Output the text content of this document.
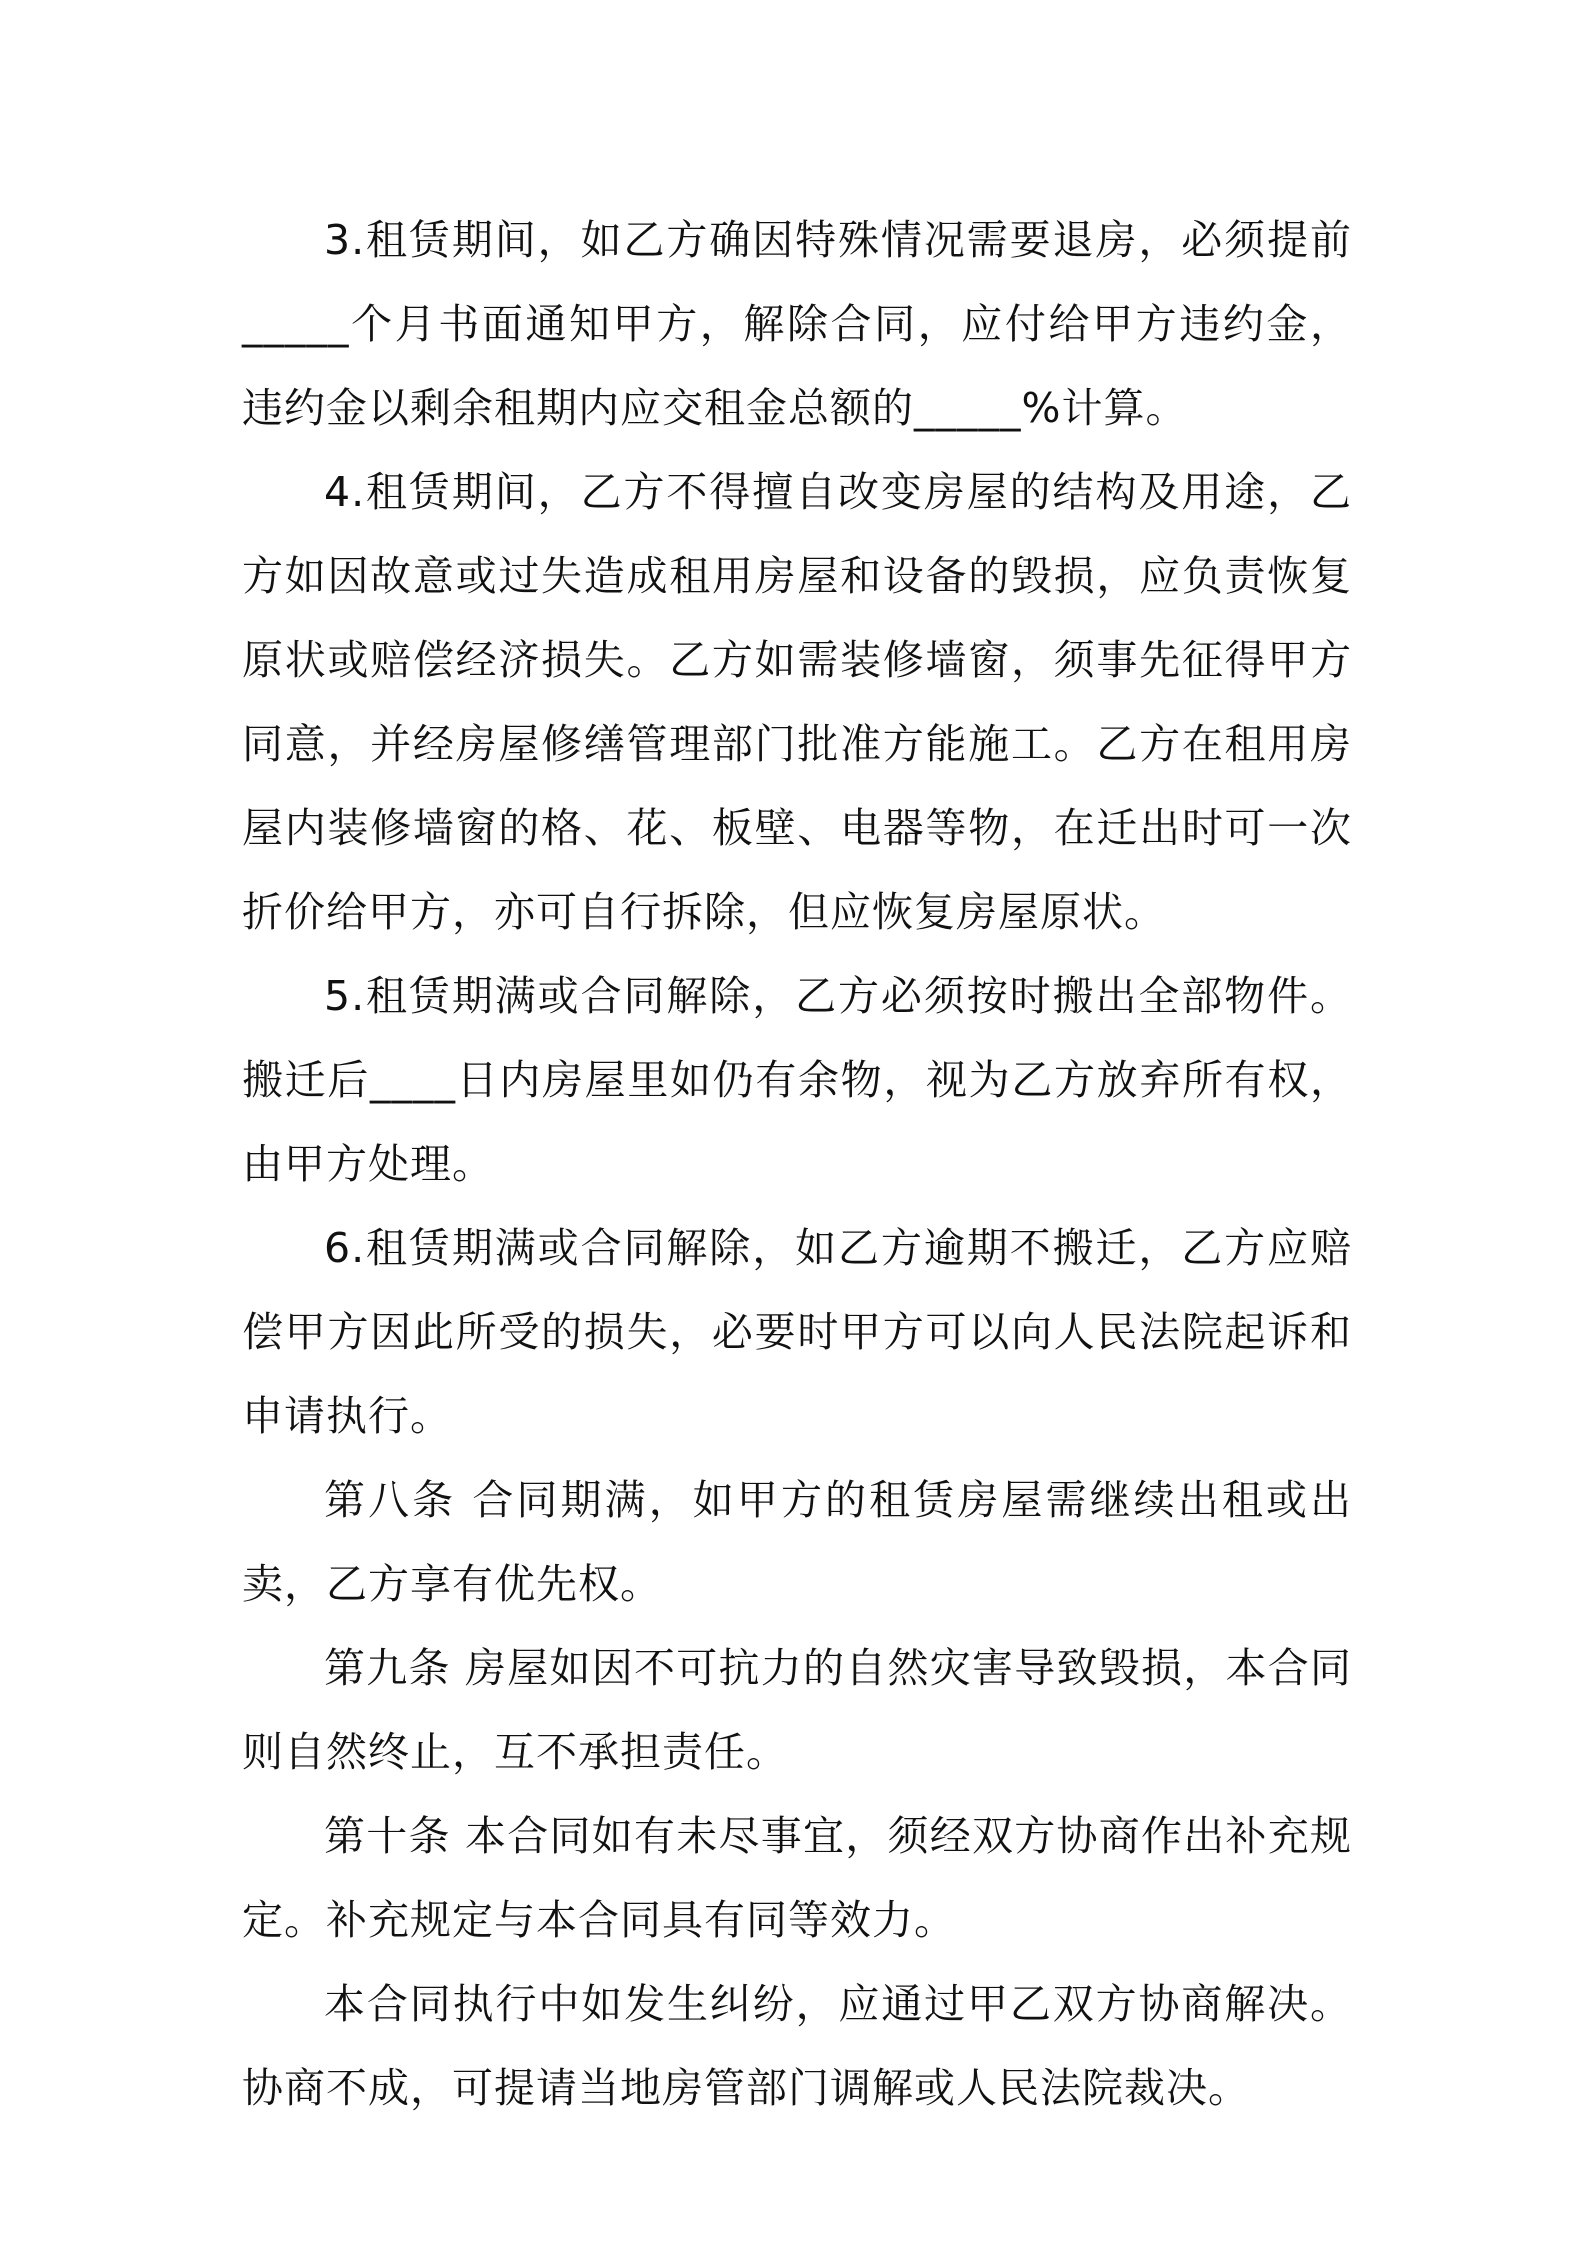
3.租赁期间，如乙方确因特殊情况需要退房，必须提前_____个月书面通知甲方，解除合同，应付给甲方违约金，违约金以剩余租期内应交租金总额的_____%计算。

4.租赁期间，乙方不得擅自改变房屋的结构及用途，乙方如因故意或过失造成租用房屋和设备的毁损，应负责恢复原状或赔偿经济损失。乙方如需装修墙窗，须事先征得甲方同意，并经房屋修缮管理部门批准方能施工。乙方在租用房屋内装修墙窗的格、花、板壁、电器等物，在迁出时可一次折价给甲方，亦可自行拆除，但应恢复房屋原状。

5.租赁期满或合同解除，乙方必须按时搬出全部物件。搬迁后____日内房屋里如仍有余物，视为乙方放弃所有权，由甲方处理。

6.租赁期满或合同解除，如乙方逾期不搬迁，乙方应赔偿甲方因此所受的损失，必要时甲方可以向人民法院起诉和申请执行。

第八条 合同期满，如甲方的租赁房屋需继续出租或出卖，乙方享有优先权。

第九条 房屋如因不可抗力的自然灾害导致毁损，本合同则自然终止，互不承担责任。

第十条 本合同如有未尽事宜，须经双方协商作出补充规定。补充规定与本合同具有同等效力。

本合同执行中如发生纠纷，应通过甲乙双方协商解决。协商不成，可提请当地房管部门调解或人民法院裁决。
